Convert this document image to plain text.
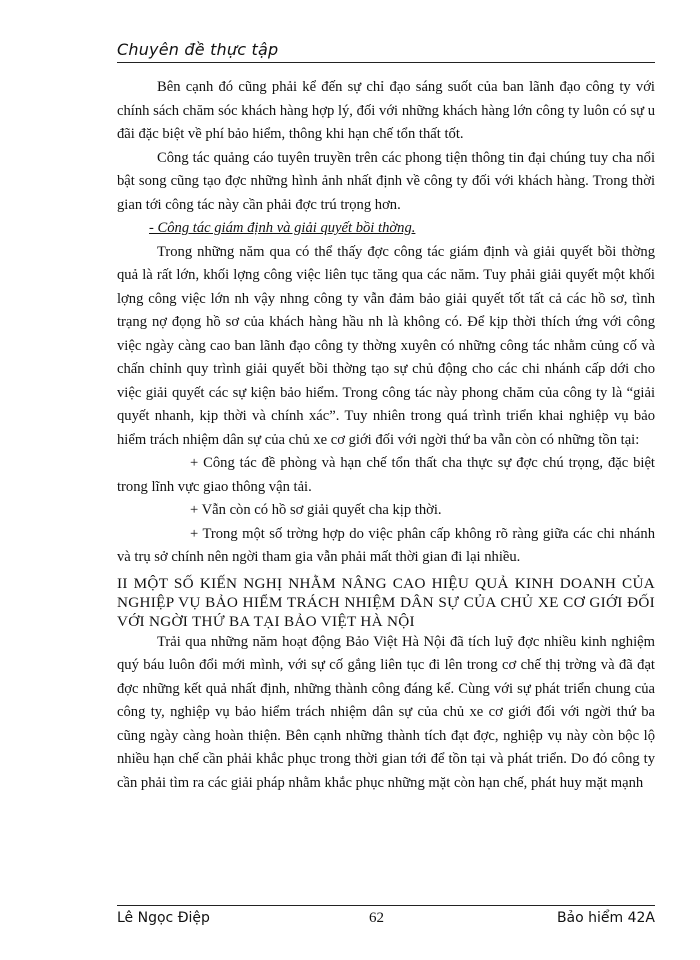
Chuyên đề thực tập

Bên cạnh đó cũng phải kể đến sự chỉ đạo sáng suốt của ban lãnh đạo công ty với chính sách chăm sóc khách hàng hợp lý, đối với những khách hàng lớn công ty luôn có sự u đãi đặc biệt về phí bảo hiểm, thông khi hạn chế tổn thất tốt.

Công tác quảng cáo tuyên truyền trên các phong tiện thông tin đại chúng tuy cha nổi bật song cũng tạo đợc những hình ảnh nhất định về công ty đối với khách hàng. Trong thời gian tới công tác này cần phải đợc trú trọng hơn.

- Công tác giám định và giải quyết bồi thờng.

Trong những năm qua có thể thấy đợc công tác giám định và giải quyết bồi thờng quả là rất lớn, khối lợng công việc liên tục tăng qua các năm. Tuy phải giải quyết một khối lợng công việc lớn nh vậy nhng công ty vẫn đảm bảo giải quyết tốt tất cả các hồ sơ, tình trạng nợ đọng hồ sơ của khách hàng hầu nh là không có. Để kịp thời thích ứng với công việc ngày càng cao ban lãnh đạo công ty thờng xuyên có những công tác nhằm củng cố và chấn chỉnh quy trình giải quyết bồi thờng tạo sự chủ động cho các chi nhánh cấp dới cho việc giải quyết các sự kiện bảo hiểm. Trong công tác này phong chăm của công ty là “giải quyết nhanh, kịp thời và chính xác”. Tuy nhiên trong quá trình triển khai nghiệp vụ bảo hiểm trách nhiệm dân sự của chủ xe cơ giới đối với ngời thứ ba vẫn còn có những tồn tại:

+ Công tác đề phòng và hạn chế tổn thất cha thực sự đợc chú trọng, đặc biệt trong lĩnh vực giao thông vận tải.

+ Vẫn còn có hồ sơ giải quyết cha kịp thời.

+ Trong một số trờng hợp do việc phân cấp không rõ ràng giữa các chi nhánh và trụ sở chính nên ngời tham gia vẫn phải mất thời gian đi lại nhiều.

II MỘT SỐ KIẾN NGHỊ NHẰM NÂNG CAO HIỆU QUẢ KINH DOANH CỦA NGHIỆP VỤ BẢO HIỂM TRÁCH NHIỆM DÂN SỰ CỦA CHỦ XE CƠ GIỚI ĐỐI VỚI NGỜI THỨ BA TẠI BẢO VIỆT HÀ NỘI

Trải qua những năm hoạt động Bảo Việt Hà Nội đã tích luỹ đợc nhiều kinh nghiệm quý báu luôn đổi mới mình, với sự cố gắng liên tục đi lên trong cơ chế thị trờng và đã đạt đợc những kết quả nhất định, những thành công đáng kể. Cùng với sự phát triển chung của công ty, nghiệp vụ bảo hiểm trách nhiệm dân sự của chủ xe cơ giới đối với ngời thứ ba cũng ngày càng hoàn thiện. Bên cạnh những thành tích đạt đợc, nghiệp vụ này còn bộc lộ nhiều hạn chế cần phải khắc phục trong thời gian tới để tồn tại và phát triển. Do đó công ty cần phải tìm ra các giải pháp nhằm khắc phục những mặt còn hạn chế, phát huy mặt mạnh

Lê Ngọc Điệp	62	Bảo hiểm 42A
